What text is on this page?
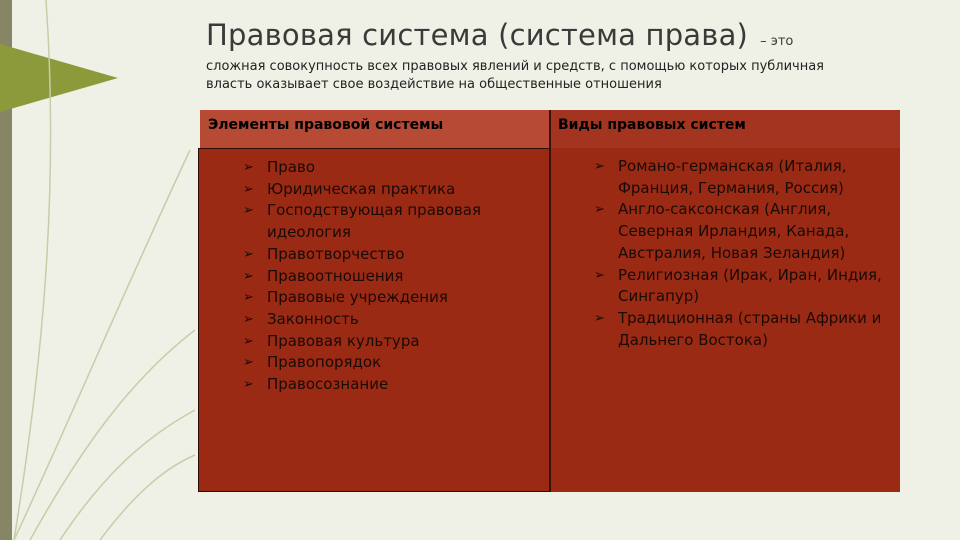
Правовая система (система права) – это
сложная совокупность всех правовых явлений и средств, с помощью которых публичная власть оказывает свое воздействие на общественные отношения
Элементы правовой системы	Виды правовых систем
➢ Право
➢ Юридическая практика
➢ Господствующая правовая идеология
➢ Правотворчество
➢ Правоотношения
➢ Правовые учреждения
➢ Законность
➢ Правовая культура
➢ Правопорядок
➢ Правосознание
➢ Романо-германская (Италия, Франция, Германия, Россия)
➢ Англо-саксонская (Англия, Северная Ирландия, Канада, Австралия, Новая Зеландия)
➢ Религиозная (Ирак, Иран, Индия, Сингапур)
➢ Традиционная (страны Африки и Дальнего Востока)
